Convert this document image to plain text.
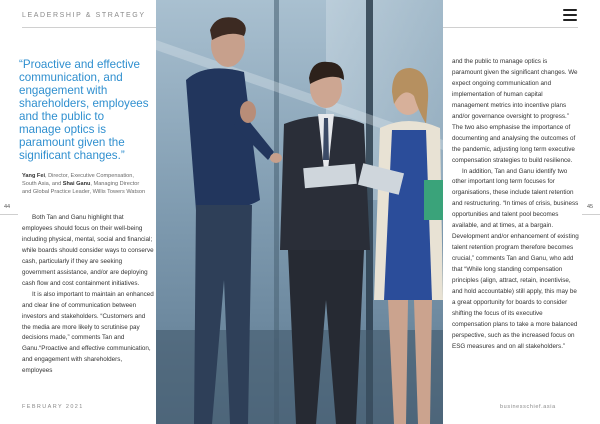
LEADERSHIP & STRATEGY
“Proactive and effective
communication, and
engagement with
shareholders, employees
and the public to
manage optics is
paramount given the
significant changes.”
Yang Fei, Director, Executive Compensation,
South Asia, and Shai Ganu, Managing Director
and Global Practice Leader, Willis Towers Watson
44	45

Both Tan and Ganu highlight that employees should focus on their well-being including physical, mental, social and financial; while boards should consider ways to conserve cash, particularly if they are seeking government assistance, and/or are deploying cash flow and cost containment initiatives.

It is also important to maintain an enhanced and clear line of communication between investors and stakeholders. “Customers and the media are more likely to scrutinise pay decisions made,” comments Tan and Ganu.“Proactive and effective communication, and engagement with shareholders, employees

and the public to manage optics is paramount given the significant changes. We expect ongoing communication and implementation of human capital management metrics into incentive plans and/or governance oversight to progress.” The two also emphasise the importance of documenting and analysing the outcomes of the pandemic, adjusting long term executive compensation strategies to build resilience.

In addition, Tan and Ganu identify two other important long term focuses for organisations, these include talent retention and restructuring. “In times of crisis, business opportunities and talent pool becomes available, and at times, at a bargain. Development and/or enhancement of existing talent retention program therefore becomes crucial,” comments Tan and Ganu, who add that “While long standing compensation principles (align, attract, retain, incentivise, and hold accountable) still apply, this may be a great opportunity for boards to consider shifting the focus of its executive compensation plans to take a more balanced perspective, such as the increased focus on ESG measures and on all stakeholders.”

FEBRUARY 2021	businesschief.asia
